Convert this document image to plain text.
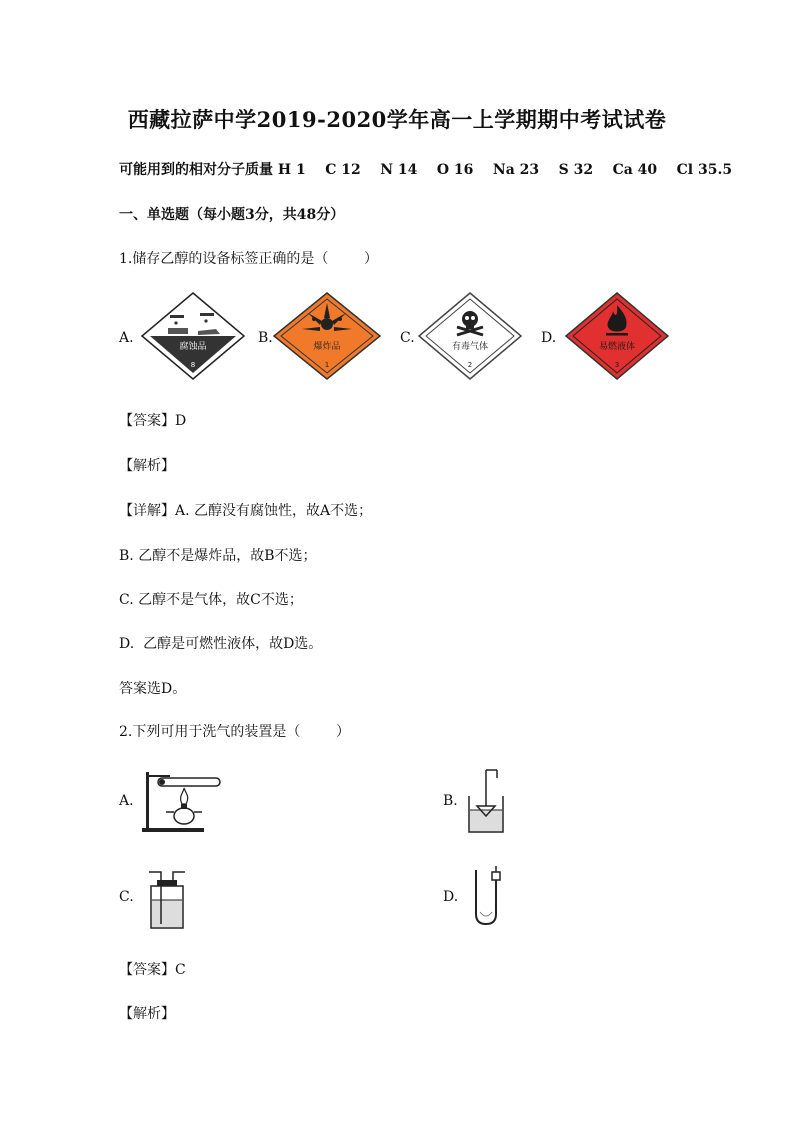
西藏拉萨中学2019-2020学年高一上学期期中考试试卷
可能用到的相对分子质量 H 1    C 12    N 14    O 16    Na 23    S 32    Ca 40    Cl 35.5
一、单选题（每小题3分，共48分）
1.储存乙醇的设备标签正确的是（        ）
A.
腐蚀品
8
B.
爆炸品
1
C.
有毒气体
2
D.
易燃液体
3
【答案】D
【解析】
【详解】A. 乙醇没有腐蚀性，故A不选；
B. 乙醇不是爆炸品，故B不选；
C. 乙醇不是气体，故C不选；
D.  乙醇是可燃性液体，故D选。
答案选D。
2.下列可用于洗气的装置是（        ）
A.	B.
C.	D.
【答案】C
【解析】
